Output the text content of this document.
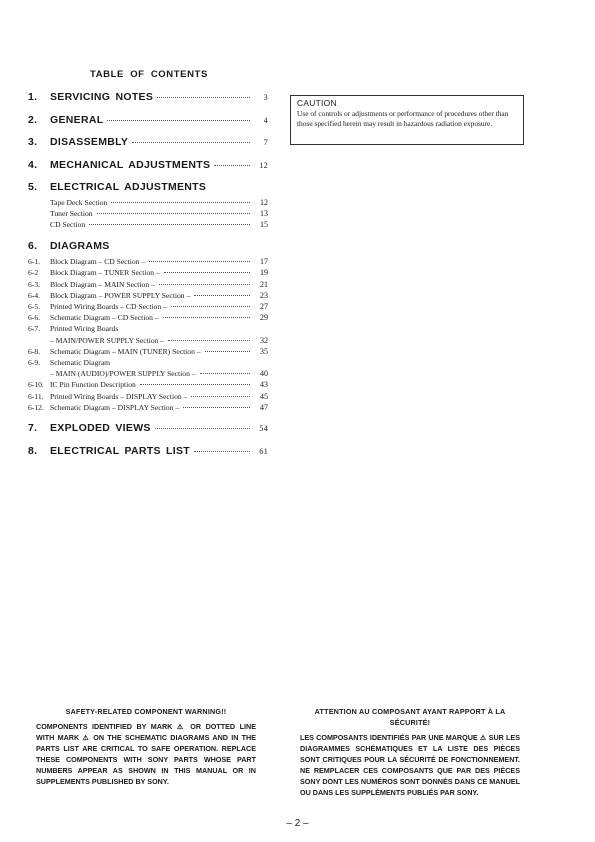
TABLE OF CONTENTS
1.	SERVICING NOTES	3
2.	GENERAL	4
3.	DISASSEMBLY	7
4.	MECHANICAL ADJUSTMENTS	12
5.	ELECTRICAL ADJUSTMENTS
Tape Deck Section	12
Tuner Section	13
CD Section	15
6.	DIAGRAMS
6-1.	Block Diagram – CD Section –	17
6-2	Block Diagram – TUNER Section –	19
6-3.	Block Diagram – MAIN Section –	21
6-4.	Block Diagram – POWER SUPPLY Section –	23
6-5.	Printed Wiring Boards – CD Section –	27
6-6.	Schematic Diagram – CD Section –	29
6-7.	Printed Wiring Boards
– MAIN/POWER SUPPLY Section –	32
6-8.	Schematic Diagram – MAIN (TUNER) Section –	35
6-9.	Schematic Diagram
– MAIN (AUDIO)/POWER SUPPLY Section –	40
6-10. IC Pin Function Description	43
6-11. Printed Wiring Boards – DISPLAY Section –	45
6-12. Schematic Diagram – DISPLAY Section –	47
7.	EXPLODED VIEWS	54
8.	ELECTRICAL PARTS LIST	61
CAUTION
Use of controls or adjustments or performance of procedures other than those specified herein may result in hazardous radiation exposure.
SAFETY-RELATED COMPONENT WARNING!!
COMPONENTS IDENTIFIED BY MARK ⚠ OR DOTTED LINE WITH MARK ⚠ ON THE SCHEMATIC DIAGRAMS AND IN THE PARTS LIST ARE CRITICAL TO SAFE OPERATION. REPLACE THESE COMPONENTS WITH SONY PARTS WHOSE PART NUMBERS APPEAR AS SHOWN IN THIS MANUAL OR IN SUPPLEMENTS PUBLISHED BY SONY.
ATTENTION AU COMPOSANT AYANT RAPPORT À LA SÉCURITÉ!
LES COMPOSANTS IDENTIFIÉS PAR UNE MARQUE ⚠ SUR LES DIAGRAMMES SCHÉMATIQUES ET LA LISTE DES PIÈCES SONT CRITIQUES POUR LA SÉCURITÉ DE FONCTIONNEMENT. NE REMPLACER CES COMPOSANTS QUE PAR DES PIÈCES SONY DONT LES NUMÉROS SONT DONNÉS DANS CE MANUEL OU DANS LES SUPPLÉMENTS PUBLIÉS PAR SONY.
– 2 –
